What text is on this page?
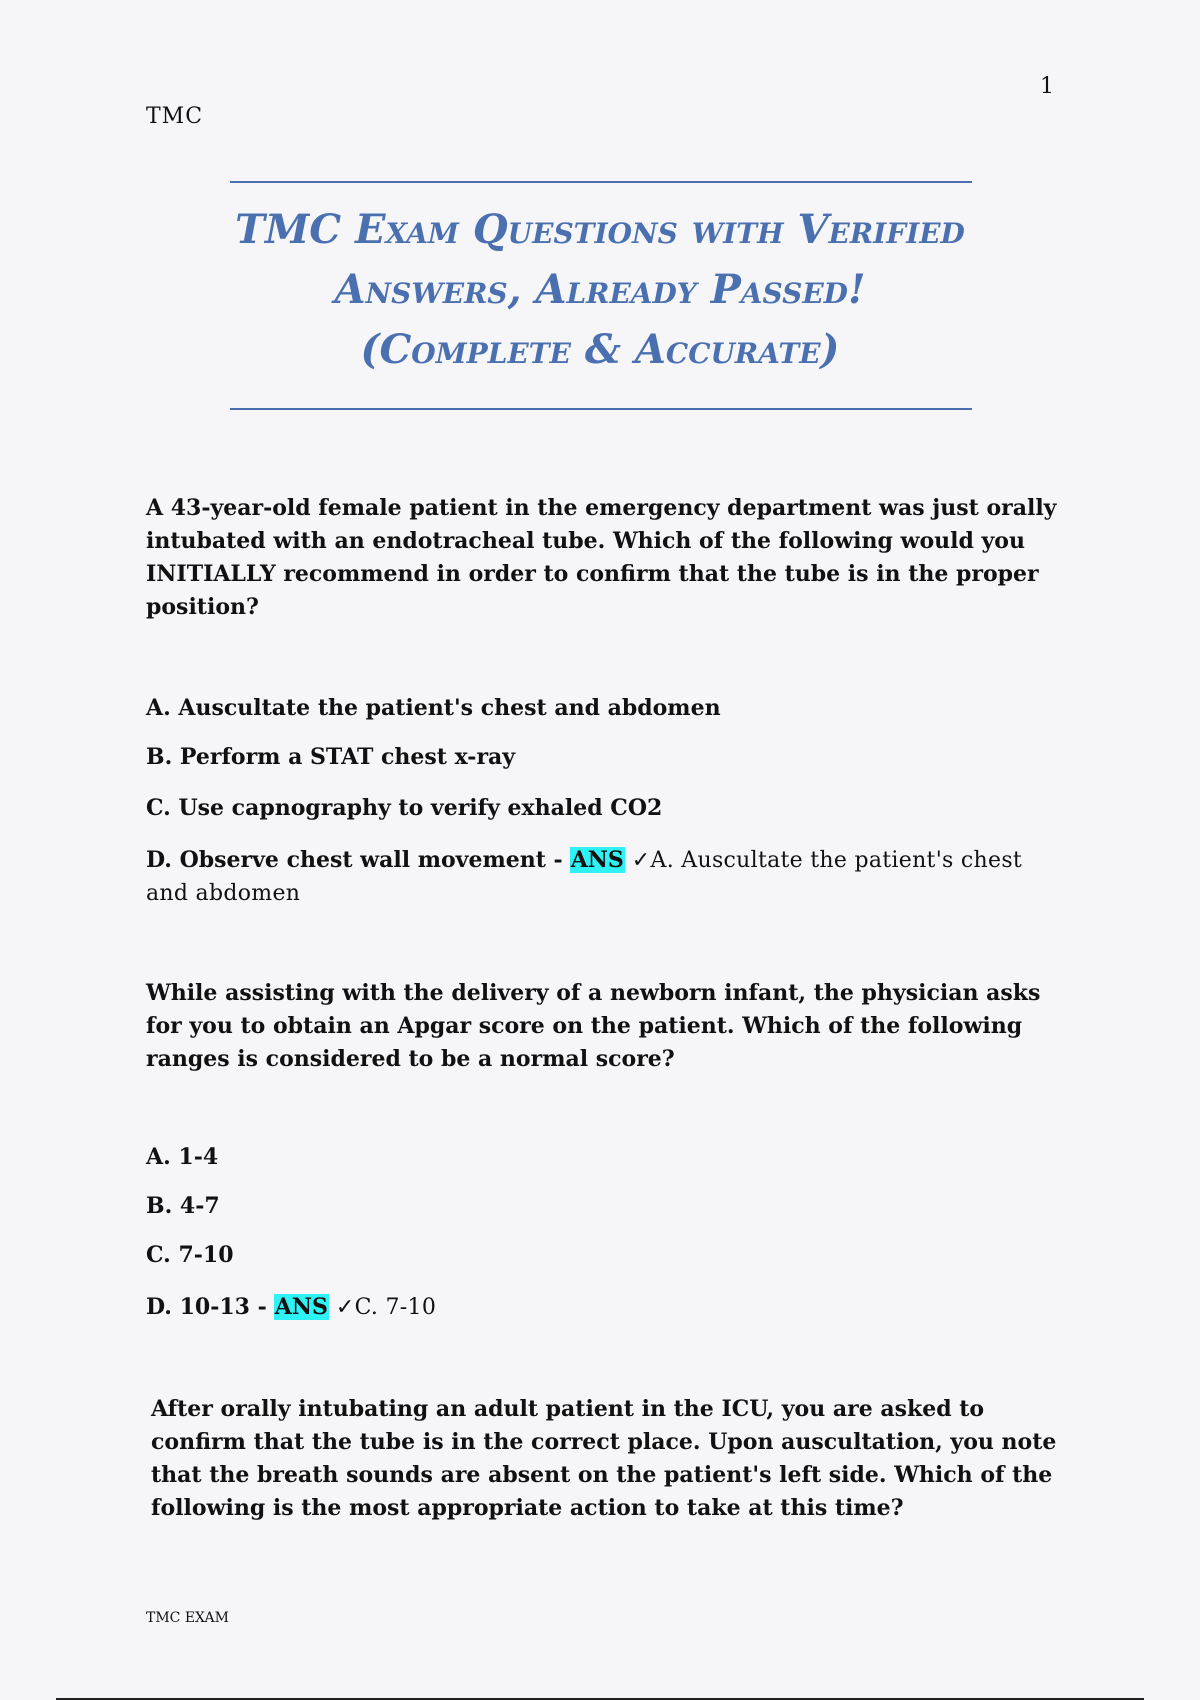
1
TMC
TMC Exam Questions with Verified
Answers, Already Passed!
(Complete & Accurate)

A 43-year-old female patient in the emergency department was just orally intubated with an endotracheal tube. Which of the following would you INITIALLY recommend in order to confirm that the tube is in the proper position?

A. Auscultate the patient's chest and abdomen

B. Perform a STAT chest x-ray

C. Use capnography to verify exhaled CO2

D. Observe chest wall movement - ANS ✓A. Auscultate the patient's chest and abdomen

While assisting with the delivery of a newborn infant, the physician asks for you to obtain an Apgar score on the patient. Which of the following ranges is considered to be a normal score?

A. 1-4

B. 4-7

C. 7-10

D. 10-13 - ANS ✓C. 7-10

After orally intubating an adult patient in the ICU, you are asked to confirm that the tube is in the correct place. Upon auscultation, you note that the breath sounds are absent on the patient's left side. Which of the following is the most appropriate action to take at this time?

TMC EXAM
